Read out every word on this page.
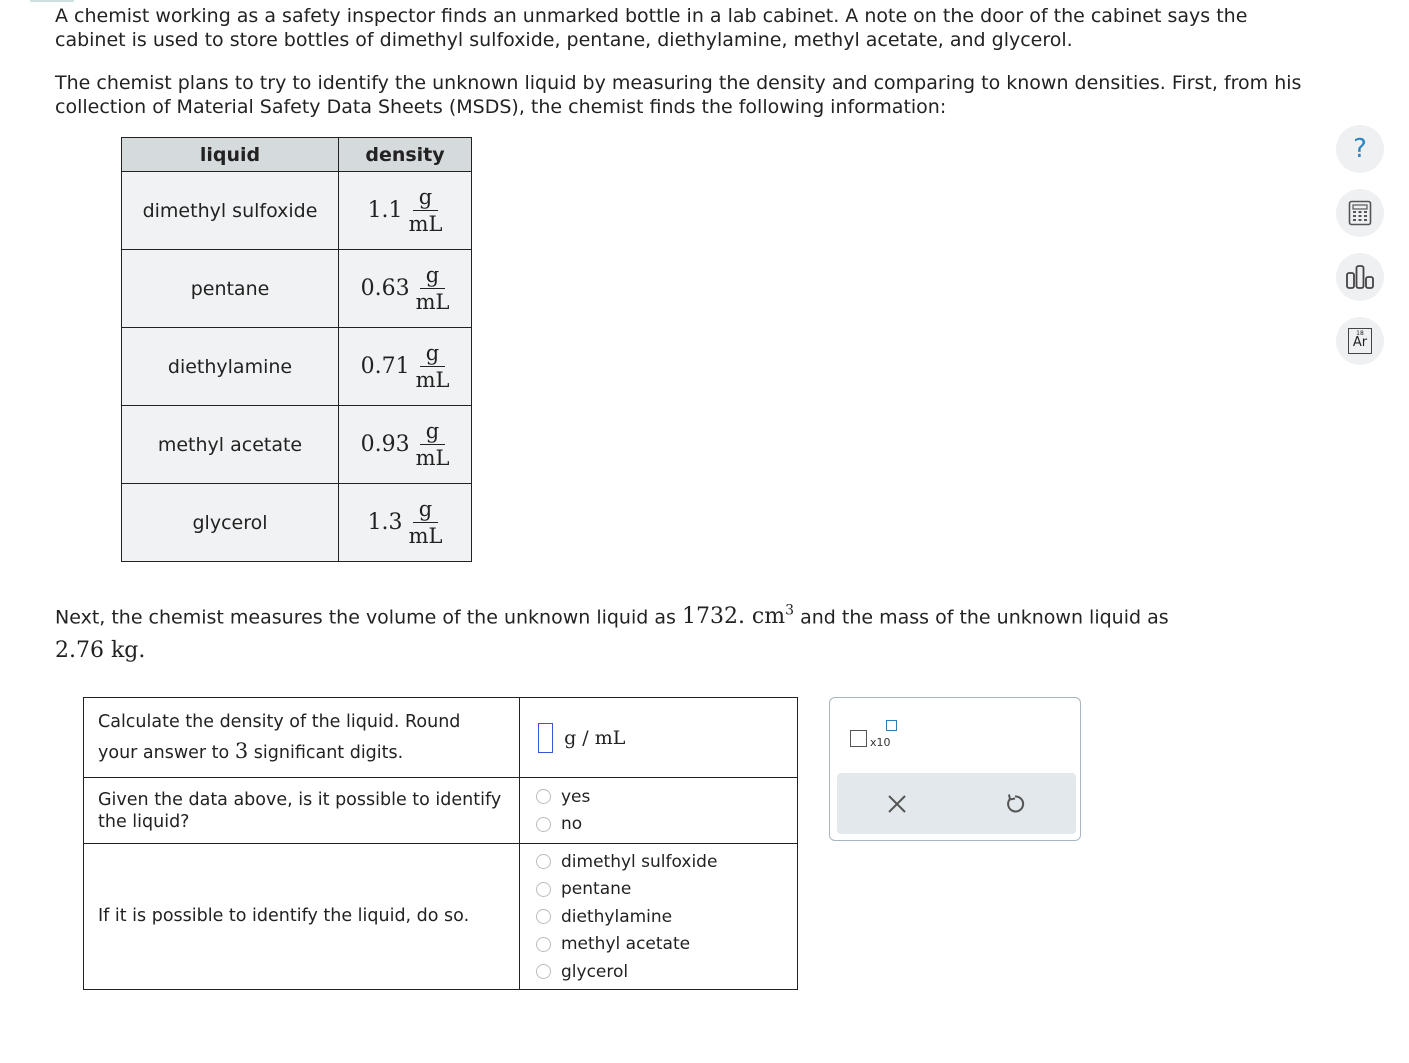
A chemist working as a safety inspector finds an unmarked bottle in a lab cabinet. A note on the door of the cabinet says the cabinet is used to store bottles of dimethyl sulfoxide, pentane, diethylamine, methyl acetate, and glycerol.
The chemist plans to try to identify the unknown liquid by measuring the density and comparing to known densities. First, from his collection of Material Safety Data Sheets (MSDS), the chemist finds the following information:
liquid	density
dimethyl sulfoxide	$1.1 \frac{g}{mL}$

pentane	$0.63 \frac{g}{mL}$

diethylamine	$0.71 \frac{g}{mL}$

methyl acetate	$0.93 \frac{g}{mL}$

glycerol	$1.3 \frac{g}{mL}$
Next, the chemist measures the volume of the unknown liquid as 1732. $cm^3$ and the mass of the unknown liquid as
2.76 kg.
Calculate the density of the liquid. Round your answer to 3 significant digits.	g / mL
Given the data above, is it possible to identify the liquid?	yes
no

If it is possible to identify the liquid, do so.	dimethyl sulfoxide
pentane
diethylamine
methyl acetate
glycerol
x10
?
18
Ar
